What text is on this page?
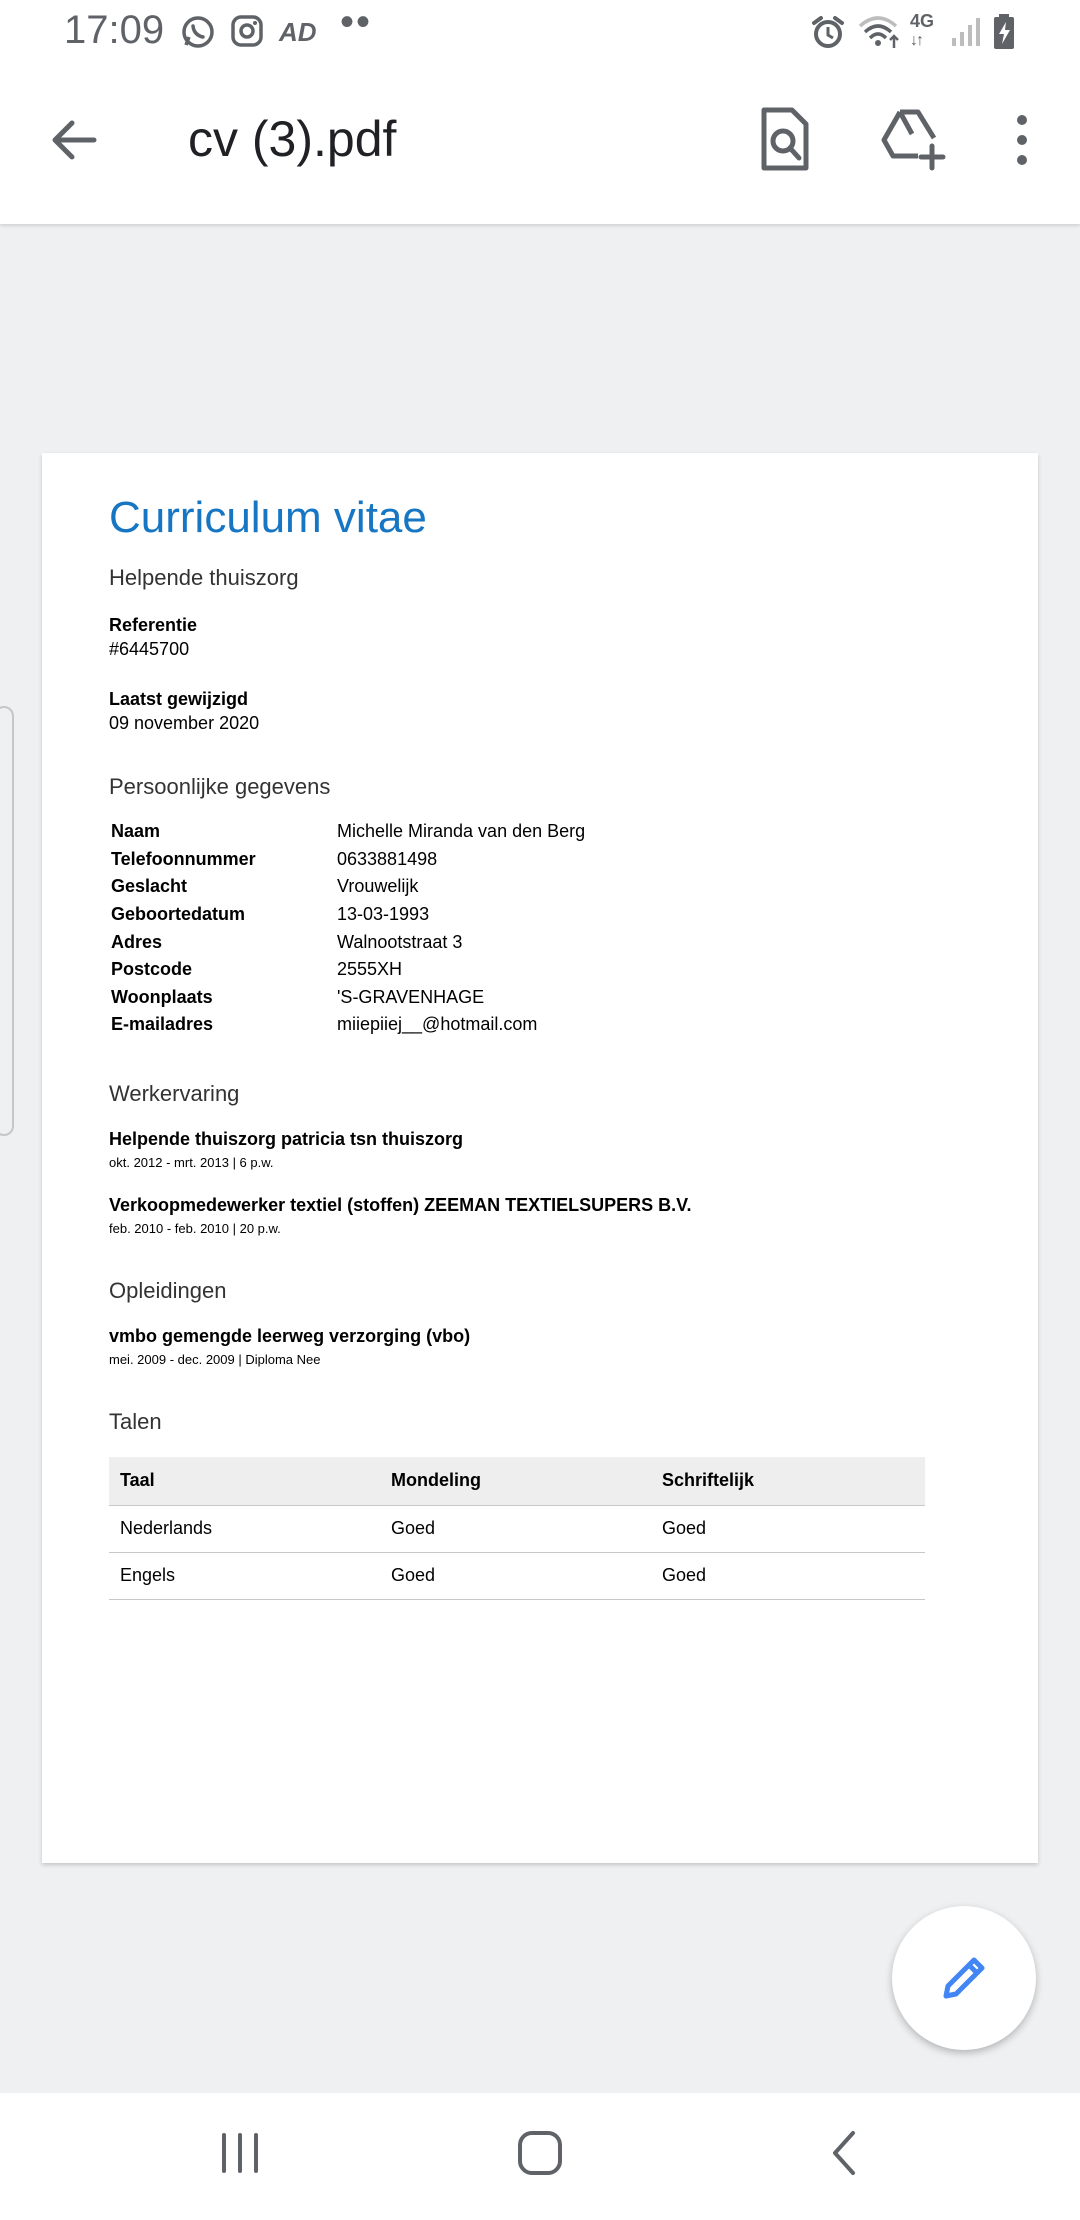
17:09	AD ••	4G
↓↑
cv (3).pdf
Curriculum vitae
Helpende thuiszorg
Referentie
#6445700
Laatst gewijzigd
09 november 2020
Persoonlijke gegevens
Naam	Michelle Miranda van den Berg
Telefoonnummer	0633881498
Geslacht	Vrouwelijk
Geboortedatum	13-03-1993
Adres	Walnootstraat 3
Postcode	2555XH
Woonplaats	'S-GRAVENHAGE
E-mailadres	miiepiiej__@hotmail.com
Werkervaring
Helpende thuiszorg patricia tsn thuiszorg
okt. 2012 - mrt. 2013 | 6 p.w.
Verkoopmedewerker textiel (stoffen) ZEEMAN TEXTIELSUPERS B.V.
feb. 2010 - feb. 2010 | 20 p.w.
Opleidingen
vmbo gemengde leerweg verzorging (vbo)
mei. 2009 - dec. 2009 | Diploma Nee
Talen
Taal	Mondeling	Schriftelijk
Nederlands	Goed	Goed
Engels	Goed	Goed
